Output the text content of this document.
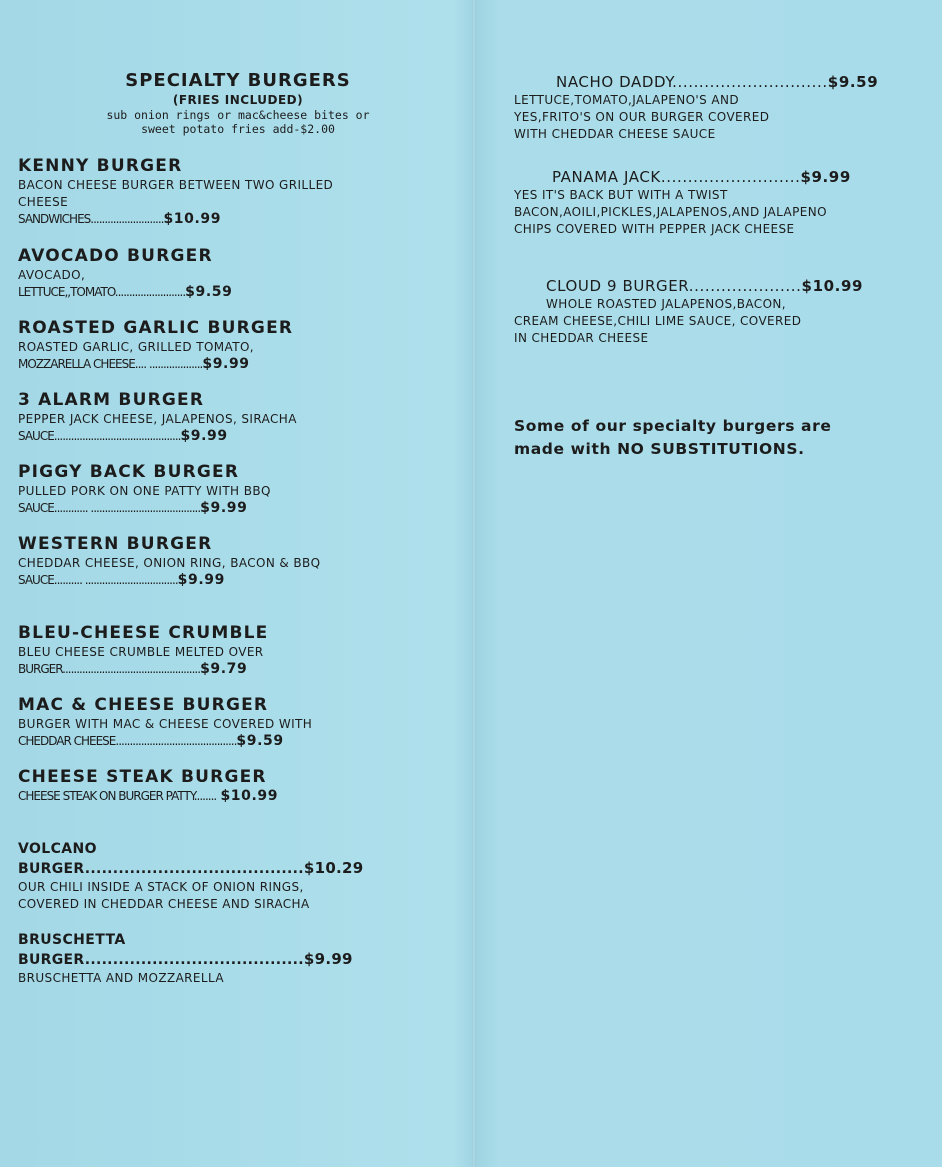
SPECIALTY BURGERS
(FRIES INCLUDED)
sub onion rings or mac&cheese bites or
sweet potato fries add-$2.00
KENNY BURGER
BACON CHEESE BURGER BETWEEN TWO GRILLED
CHEESE
SANDWICHES..........................$10.99
AVOCADO BURGER
AVOCADO,
LETTUCE,,TOMATO.........................$9.59
ROASTED GARLIC BURGER
ROASTED GARLIC, GRILLED TOMATO,
MOZZARELLA CHEESE.... ...................$9.99
3 ALARM BURGER
PEPPER JACK CHEESE, JALAPENOS, SIRACHA
SAUCE.............................................$9.99
PIGGY BACK BURGER
PULLED PORK ON ONE PATTY WITH BBQ
SAUCE............ .......................................$9.99
WESTERN BURGER
CHEDDAR CHEESE, ONION RING, BACON & BBQ
SAUCE.......... .................................$9.99
BLEU-CHEESE CRUMBLE
BLEU CHEESE CRUMBLE MELTED OVER
BURGER.................................................$9.79
MAC & CHEESE BURGER
BURGER WITH MAC & CHEESE COVERED WITH
CHEDDAR CHEESE...........................................$9.59
CHEESE STEAK BURGER
CHEESE STEAK ON BURGER PATTY........ $10.99
VOLCANO
BURGER.......................................$10.29
OUR CHILI INSIDE A STACK OF ONION RINGS,
COVERED IN CHEDDAR CHEESE AND SIRACHA
BRUSCHETTA
BURGER.......................................$9.99
BRUSCHETTA AND MOZZARELLA
NACHO DADDY.............................$9.59
LETTUCE,TOMATO,JALAPENO'S AND
YES,FRITO'S ON OUR BURGER COVERED
WITH CHEDDAR CHEESE SAUCE
PANAMA JACK..........................$9.99
YES IT'S BACK BUT WITH A TWIST
BACON,AOILI,PICKLES,JALAPENOS,AND JALAPENO
CHIPS COVERED WITH PEPPER JACK CHEESE
CLOUD 9 BURGER.....................$10.99
WHOLE ROASTED JALAPENOS,BACON,
CREAM CHEESE,CHILI LIME SAUCE, COVERED
IN CHEDDAR CHEESE
Some of our specialty burgers are
made with NO SUBSTITUTIONS.
